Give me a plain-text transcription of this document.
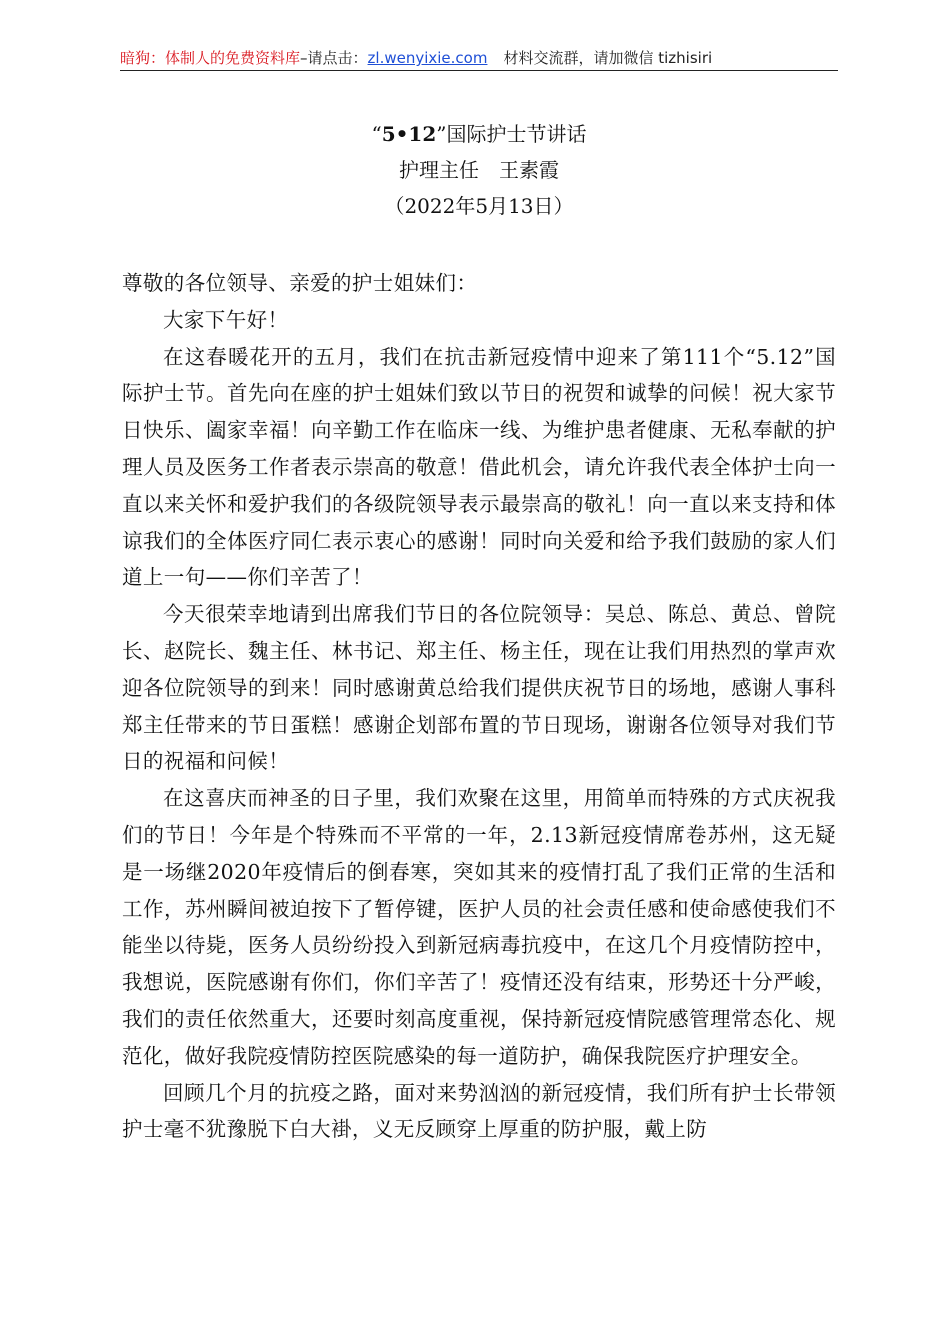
暗狗：体制人的免费资料库–请点击：zl.wenyixie.com 材料交流群，请加微信 tizhisiri
“5•12”国际护士节讲话
护理主任　王素霞
（2022年5月13日）

尊敬的各位领导、亲爱的护士姐妹们：

大家下午好！

在这春暖花开的五月，我们在抗击新冠疫情中迎来了第111个“5.12”国际护士节。首先向在座的护士姐妹们致以节日的祝贺和诚挚的问候！祝大家节日快乐、阖家幸福！向辛勤工作在临床一线、为维护患者健康、无私奉献的护理人员及医务工作者表示崇高的敬意！借此机会，请允许我代表全体护士向一直以来关怀和爱护我们的各级院领导表示最崇高的敬礼！向一直以来支持和体谅我们的全体医疗同仁表示衷心的感谢！同时向关爱和给予我们鼓励的家人们道上一句——你们辛苦了！

今天很荣幸地请到出席我们节日的各位院领导：吴总、陈总、黄总、曾院长、赵院长、魏主任、林书记、郑主任、杨主任，现在让我们用热烈的掌声欢迎各位院领导的到来！同时感谢黄总给我们提供庆祝节日的场地，感谢人事科郑主任带来的节日蛋糕！感谢企划部布置的节日现场，谢谢各位领导对我们节日的祝福和问候！

在这喜庆而神圣的日子里，我们欢聚在这里，用简单而特殊的方式庆祝我们的节日！今年是个特殊而不平常的一年，2.13新冠疫情席卷苏州，这无疑是一场继2020年疫情后的倒春寒，突如其来的疫情打乱了我们正常的生活和工作，苏州瞬间被迫按下了暂停键，医护人员的社会责任感和使命感使我们不能坐以待毙，医务人员纷纷投入到新冠病毒抗疫中，在这几个月疫情防控中，我想说，医院感谢有你们，你们辛苦了！疫情还没有结束，形势还十分严峻，我们的责任依然重大，还要时刻高度重视，保持新冠疫情院感管理常态化、规范化，做好我院疫情防控医院感染的每一道防护，确保我院医疗护理安全。

回顾几个月的抗疫之路，面对来势汹汹的新冠疫情，我们所有护士长带领护士毫不犹豫脱下白大褂，义无反顾穿上厚重的防护服，戴上防
